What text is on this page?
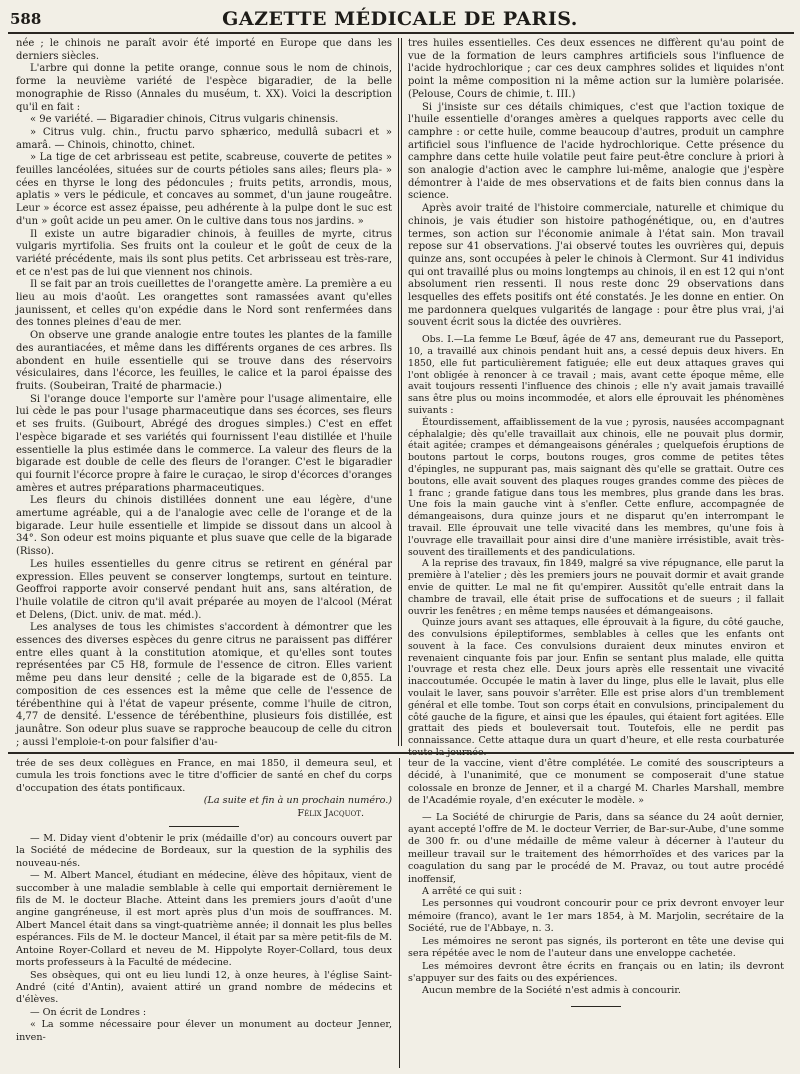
588	GAZETTE MÉDICALE DE PARIS.

née ; le chinois ne paraît avoir été importé en Europe que dans les derniers siècles.

L'arbre qui donne la petite orange, connue sous le nom de chinois, forme la neuvième variété de l'espèce bigaradier, de la belle monographie de Risso (Annales du muséum, t. XX). Voici la description qu'il en fait :

« 9e variété. — Bigaradier chinois, Citrus vulgaris chinensis.

» Citrus vulg. chin., fructu parvo sphærico, medullâ subacri et » amarâ. — Chinois, chinotto, chinet.

» La tige de cet arbrisseau est petite, scabreuse, couverte de petites » feuilles lancéolées, situées sur de courts pétioles sans ailes; fleurs pla- » cées en thyrse le long des pédoncules ; fruits petits, arrondis, mous, aplatis » vers le pédicule, et concaves au sommet, d'un jaune rougeâtre. Leur » écorce est assez épaisse, peu adhérente à la pulpe dont le suc est d'un » goût acide un peu amer. On le cultive dans tous nos jardins. »

Il existe un autre bigaradier chinois, à feuilles de myrte, citrus vulgaris myrtifolia. Ses fruits ont la couleur et le goût de ceux de la variété précédente, mais ils sont plus petits. Cet arbrisseau est très-rare, et ce n'est pas de lui que viennent nos chinois.

Il se fait par an trois cueillettes de l'orangette amère. La première a eu lieu au mois d'août. Les orangettes sont ramassées avant qu'elles jaunissent, et celles qu'on expédie dans le Nord sont renfermées dans des tonnes pleines d'eau de mer.

On observe une grande analogie entre toutes les plantes de la famille des aurantiacées, et même dans les différents organes de ces arbres. Ils abondent en huile essentielle qui se trouve dans des réservoirs vésiculaires, dans l'écorce, les feuilles, le calice et la paroi épaisse des fruits. (Soubeiran, Traité de pharmacie.)

Si l'orange douce l'emporte sur l'amère pour l'usage alimentaire, elle lui cède le pas pour l'usage pharmaceutique dans ses écorces, ses fleurs et ses fruits. (Guibourt, Abrégé des drogues simples.) C'est en effet l'espèce bigarade et ses variétés qui fournissent l'eau distillée et l'huile essentielle la plus estimée dans le commerce. La valeur des fleurs de la bigarade est double de celle des fleurs de l'oranger. C'est le bigaradier qui fournit l'écorce propre à faire le curaçao, le sirop d'écorces d'oranges amères et autres préparations pharmaceutiques.

Les fleurs du chinois distillées donnent une eau légère, d'une amertume agréable, qui a de l'analogie avec celle de l'orange et de la bigarade. Leur huile essentielle et limpide se dissout dans un alcool à 34°. Son odeur est moins piquante et plus suave que celle de la bigarade (Risso).

Les huiles essentielles du genre citrus se retirent en général par expression. Elles peuvent se conserver longtemps, surtout en teinture. Geoffroi rapporte avoir conservé pendant huit ans, sans altération, de l'huile volatile de citron qu'il avait préparée au moyen de l'alcool (Mérat et Delens, (Dict. univ. de mat. méd.).

Les analyses de tous les chimistes s'accordent à démontrer que les essences des diverses espèces du genre citrus ne paraissent pas différer entre elles quant à la constitution atomique, et qu'elles sont toutes représentées par C5 H8, formule de l'essence de citron. Elles varient même peu dans leur densité ; celle de la bigarade est de 0,855. La composition de ces essences est la même que celle de l'essence de térébenthine qui à l'état de vapeur présente, comme l'huile de citron, 4,77 de densité. L'essence de térébenthine, plusieurs fois distillée, est jaunâtre. Son odeur plus suave se rapproche beaucoup de celle du citron ; aussi l'emploie-t-on pour falsifier d'au-

tres huiles essentielles. Ces deux essences ne diffèrent qu'au point de vue de la formation de leurs camphres artificiels sous l'influence de l'acide hydrochlorique ; car ces deux camphres solides et liquides n'ont point la même composition ni la même action sur la lumière polarisée. (Pelouse, Cours de chimie, t. III.)

Si j'insiste sur ces détails chimiques, c'est que l'action toxique de l'huile essentielle d'oranges amères a quelques rapports avec celle du camphre : or cette huile, comme beaucoup d'autres, produit un camphre artificiel sous l'influence de l'acide hydrochlorique. Cette présence du camphre dans cette huile volatile peut faire peut-être conclure à priori à son analogie d'action avec le camphre lui-même, analogie que j'espère démontrer à l'aide de mes observations et de faits bien connus dans la science.

Après avoir traité de l'histoire commerciale, naturelle et chimique du chinois, je vais étudier son histoire pathogénétique, ou, en d'autres termes, son action sur l'économie animale à l'état sain. Mon travail repose sur 41 observations. J'ai observé toutes les ouvrières qui, depuis quinze ans, sont occupées à peler le chinois à Clermont. Sur 41 individus qui ont travaillé plus ou moins longtemps au chinois, il en est 12 qui n'ont absolument rien ressenti. Il nous reste donc 29 observations dans lesquelles des effets positifs ont été constatés. Je les donne en entier. On me pardonnera quelques vulgarités de langage : pour être plus vrai, j'ai souvent écrit sous la dictée des ouvrières.

Obs. I.—La femme Le Bœuf, âgée de 47 ans, demeurant rue du Passeport, 10, a travaillé aux chinois pendant huit ans, a cessé depuis deux hivers. En 1850, elle fut particulièrement fatiguée; elle eut deux attaques graves qui l'ont obligée à renoncer à ce travail ; mais, avant cette époque même, elle avait toujours ressenti l'influence des chinois ; elle n'y avait jamais travaillé sans être plus ou moins incommodée, et alors elle éprouvait les phénomènes suivants :

Étourdissement, affaiblissement de la vue ; pyrosis, nausées accompagnant céphalalgie; dès qu'elle travaillait aux chinois, elle ne pouvait plus dormir, était agitée; crampes et démangeaisons générales ; quelquefois éruptions de boutons partout le corps, boutons rouges, gros comme de petites têtes d'épingles, ne suppurant pas, mais saignant dès qu'elle se grattait. Outre ces boutons, elle avait souvent des plaques rouges grandes comme des pièces de 1 franc ; grande fatigue dans tous les membres, plus grande dans les bras. Une fois la main gauche vint à s'enfler. Cette enflure, accompagnée de démangeaisons, dura quinze jours et ne disparut qu'en interrompant le travail. Elle éprouvait une telle vivacité dans les membres, qu'une fois à l'ouvrage elle travaillait pour ainsi dire d'une manière irrésistible, avait très-souvent des tiraillements et des pandiculations.

A la reprise des travaux, fin 1849, malgré sa vive répugnance, elle parut la première à l'atelier ; dès les premiers jours ne pouvait dormir et avait grande envie de quitter. Le mal ne fit qu'empirer. Aussitôt qu'elle entrait dans la chambre de travail, elle était prise de suffocations et de sueurs ; il fallait ouvrir les fenêtres ; en même temps nausées et démangeaisons.

Quinze jours avant ses attaques, elle éprouvait à la figure, du côté gauche, des convulsions épileptiformes, semblables à celles que les enfants ont souvent à la face. Ces convulsions duraient deux minutes environ et revenaient cinquante fois par jour. Enfin se sentant plus malade, elle quitta l'ouvrage et resta chez elle. Deux jours après elle ressentait une vivacité inaccoutumée. Occupée le matin à laver du linge, plus elle le lavait, plus elle voulait le laver, sans pouvoir s'arrêter. Elle est prise alors d'un tremblement général et elle tombe. Tout son corps était en convulsions, principalement du côté gauche de la figure, et ainsi que les épaules, qui étaient fort agitées. Elle grattait des pieds et bouleversait tout. Toutefois, elle ne perdit pas connaissance. Cette attaque dura un quart d'heure, et elle resta courbaturée

trée de ses deux collègues en France, en mai 1850, il demeura seul, et cumula les trois fonctions avec le titre d'officier de santé en chef du corps d'occupation des états pontificaux.

(La suite et fin à un prochain numéro.)

Félix Jacquot.

— M. Diday vient d'obtenir le prix (médaille d'or) au concours ouvert par la Société de médecine de Bordeaux, sur la question de la syphilis des nouveau-nés.

— M. Albert Mancel, étudiant en médecine, élève des hôpitaux, vient de succomber à une maladie semblable à celle qui emportait dernièrement le fils de M. le docteur Blache. Atteint dans les premiers jours d'août d'une angine gangréneuse, il est mort après plus d'un mois de souffrances. M. Albert Mancel était dans sa vingt-quatrième année; il donnait les plus belles espérances. Fils de M. le docteur Mancel, il était par sa mère petit-fils de M. Antoine Royer-Collard et neveu de M. Hippolyte Royer-Collard, tous deux morts professeurs à la Faculté de médecine.

Ses obsèques, qui ont eu lieu lundi 12, à onze heures, à l'église Saint-André (cité d'Antin), avaient attiré un grand nombre de médecins et d'élèves.

— On écrit de Londres :

« La somme nécessaire pour élever un monument au docteur Jenner, inven-

teur de la vaccine, vient d'être complétée. Le comité des souscripteurs a décidé, à l'unanimité, que ce monument se composerait d'une statue colossale en bronze de Jenner, et il a chargé M. Charles Marshall, membre de l'Académie royale, d'en exécuter le modèle. »

— La Société de chirurgie de Paris, dans sa séance du 24 août dernier, ayant accepté l'offre de M. le docteur Verrier, de Bar-sur-Aube, d'une somme de 300 fr. ou d'une médaille de même valeur à décerner à l'auteur du meilleur travail sur le traitement des hémorrhoïdes et des varices par la coagulation du sang par le procédé de M. Pravaz, ou tout autre procédé inoffensif,

A arrêté ce qui suit :

Les personnes qui voudront concourir pour ce prix devront envoyer leur mémoire (franco), avant le 1er mars 1854, à M. Marjolin, secrétaire de la Société, rue de l'Abbaye, n. 3.

Les mémoires ne seront pas signés, ils porteront en tête une devise qui sera répétée avec le nom de l'auteur dans une enveloppe cachetée.

Les mémoires devront être écrits en français ou en latin; ils devront s'appuyer sur des faits ou des expériences.

Aucun membre de la Société n'est admis à concourir.
